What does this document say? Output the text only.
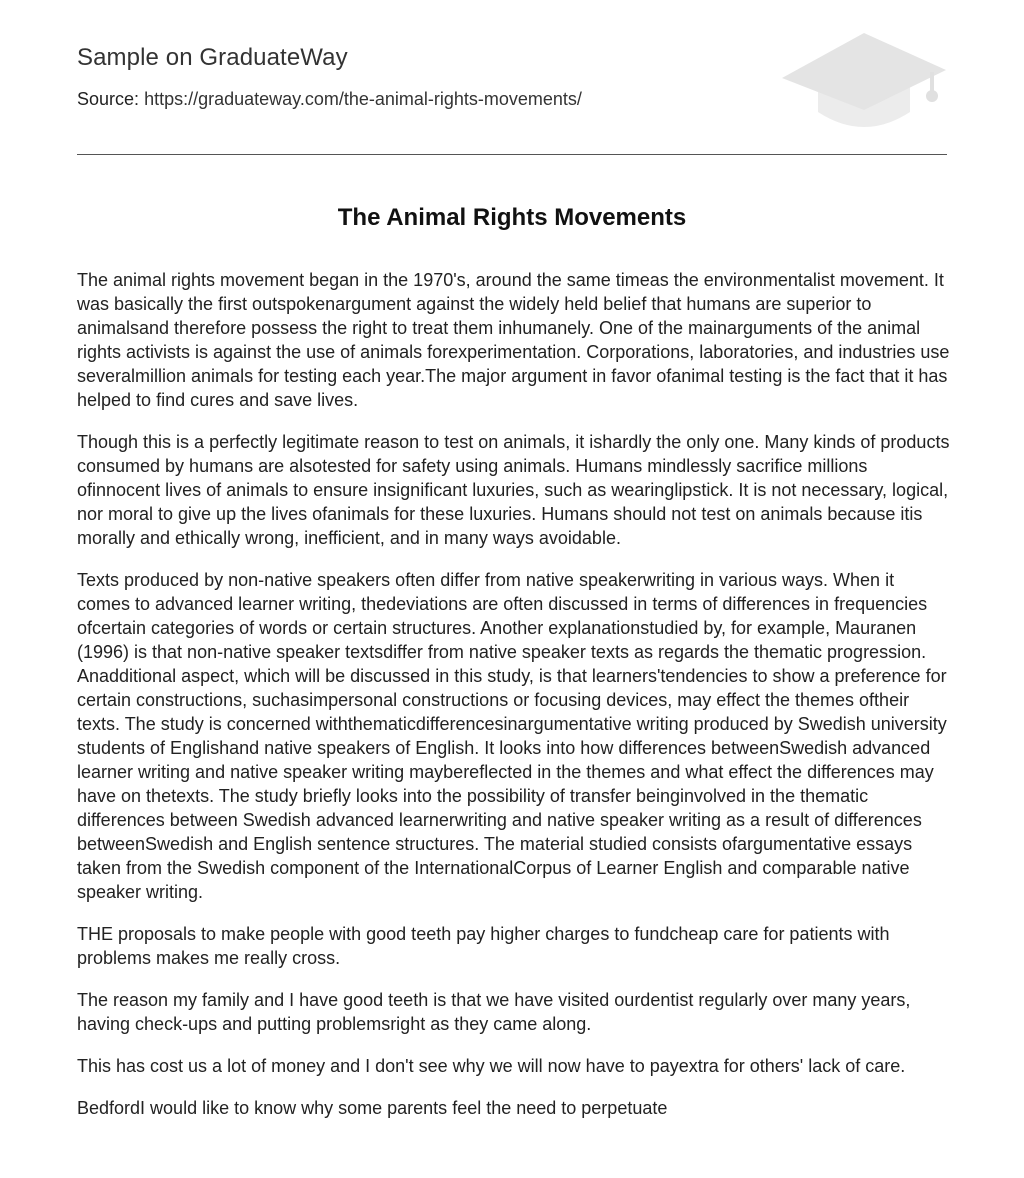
Sample on GraduateWay
Source: https://graduateway.com/the-animal-rights-movements/
The Animal Rights Movements

The animal rights movement began in the 1970's, around the same timeas the environmentalist movement. It was basically the first outspokenargument against the widely held belief that humans are superior to animalsand therefore possess the right to treat them inhumanely. One of the mainarguments of the animal rights activists is against the use of animals forexperimentation. Corporations, laboratories, and industries use severalmillion animals for testing each year.The major argument in favor ofanimal testing is the fact that it has helped to find cures and save lives.

Though this is a perfectly legitimate reason to test on animals, it ishardly the only one. Many kinds of products consumed by humans are alsotested for safety using animals. Humans mindlessly sacrifice millions ofinnocent lives of animals to ensure insignificant luxuries, such as wearinglipstick. It is not necessary, logical, nor moral to give up the lives ofanimals for these luxuries. Humans should not test on animals because itis morally and ethically wrong, inefficient, and in many ways avoidable.

Texts produced by non-native speakers often differ from native speakerwriting in various ways. When it comes to advanced learner writing, thedeviations are often discussed in terms of differences in frequencies ofcertain categories of words or certain structures. Another explanationstudied by, for example, Mauranen (1996) is that non-native speaker textsdiffer from native speaker texts as regards the thematic progression. Anadditional aspect, which will be discussed in this study, is that learners'tendencies to show a preference for certain constructions, suchasimpersonal constructions or focusing devices, may effect the themes oftheir texts. The study is concerned withthematicdifferencesinargumentative writing produced by Swedish university students of Englishand native speakers of English. It looks into how differences betweenSwedish advanced learner writing and native speaker writing maybereflected in the themes and what effect the differences may have on thetexts. The study briefly looks into the possibility of transfer beinginvolved in the thematic differences between Swedish advanced learnerwriting and native speaker writing as a result of differences betweenSwedish and English sentence structures. The material studied consists ofargumentative essays taken from the Swedish component of the InternationalCorpus of Learner English and comparable native speaker writing.

THE proposals to make people with good teeth pay higher charges to fundcheap care for patients with problems makes me really cross.

The reason my family and I have good teeth is that we have visited ourdentist regularly over many years, having check-ups and putting problemsright as they came along.

This has cost us a lot of money and I don't see why we will now have to payextra for others' lack of care.

BedfordI would like to know why some parents feel the need to perpetuate
